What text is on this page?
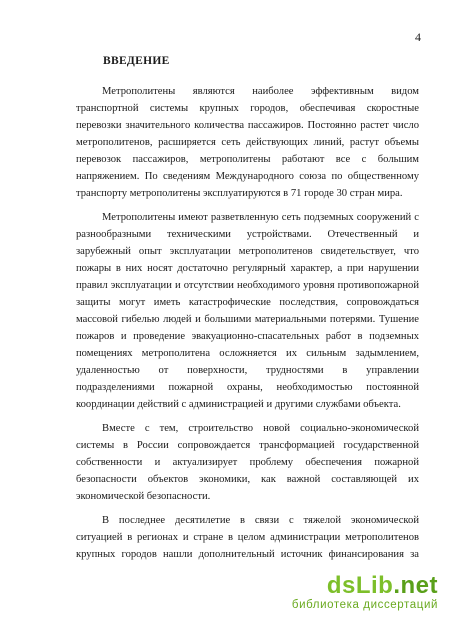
4
ВВЕДЕНИЕ
Метрополитены являются наиболее эффективным видом
транспортной системы крупных городов, обеспечивая скоростные
перевозки значительного количества пассажиров. Постоянно растет число
метрополитенов, расширяется сеть действующих линий, растут объемы
перевозок пассажиров, метрополитены работают все с большим
напряжением. По сведениям Международного союза по общественному
транспорту метрополитены эксплуатируются в 71 городе 30 стран мира.
Метрополитены имеют разветвленную сеть подземных сооружений с
разнообразными техническими устройствами. Отечественный и
зарубежный опыт эксплуатации метрополитенов свидетельствует, что
пожары в них носят достаточно регулярный характер, а при нарушении
правил эксплуатации и отсутствии необходимого уровня противопожарной
защиты могут иметь катастрофические последствия, сопровождаться
массовой гибелью людей и большими материальными потерями. Тушение
пожаров и проведение эвакуационно-спасательных работ в подземных
помещениях метрополитена осложняется их сильным задымлением,
удаленностью от поверхности, трудностями в управлении
подразделениями пожарной охраны, необходимостью постоянной
координации действий с администрацией и другими службами объекта.
Вместе с тем, строительство новой социально-экономической
системы в России сопровождается трансформацией государственной
собственности и актуализирует проблему обеспечения пожарной
безопасности объектов экономики, как важной составляющей их
экономической безопасности.
В последнее десятилетие в связи с тяжелой экономической
ситуацией в регионах и стране в целом администрации метрополитенов
крупных городов нашли дополнительный источник финансирования за
dsLib.net
библиотека диссертаций
